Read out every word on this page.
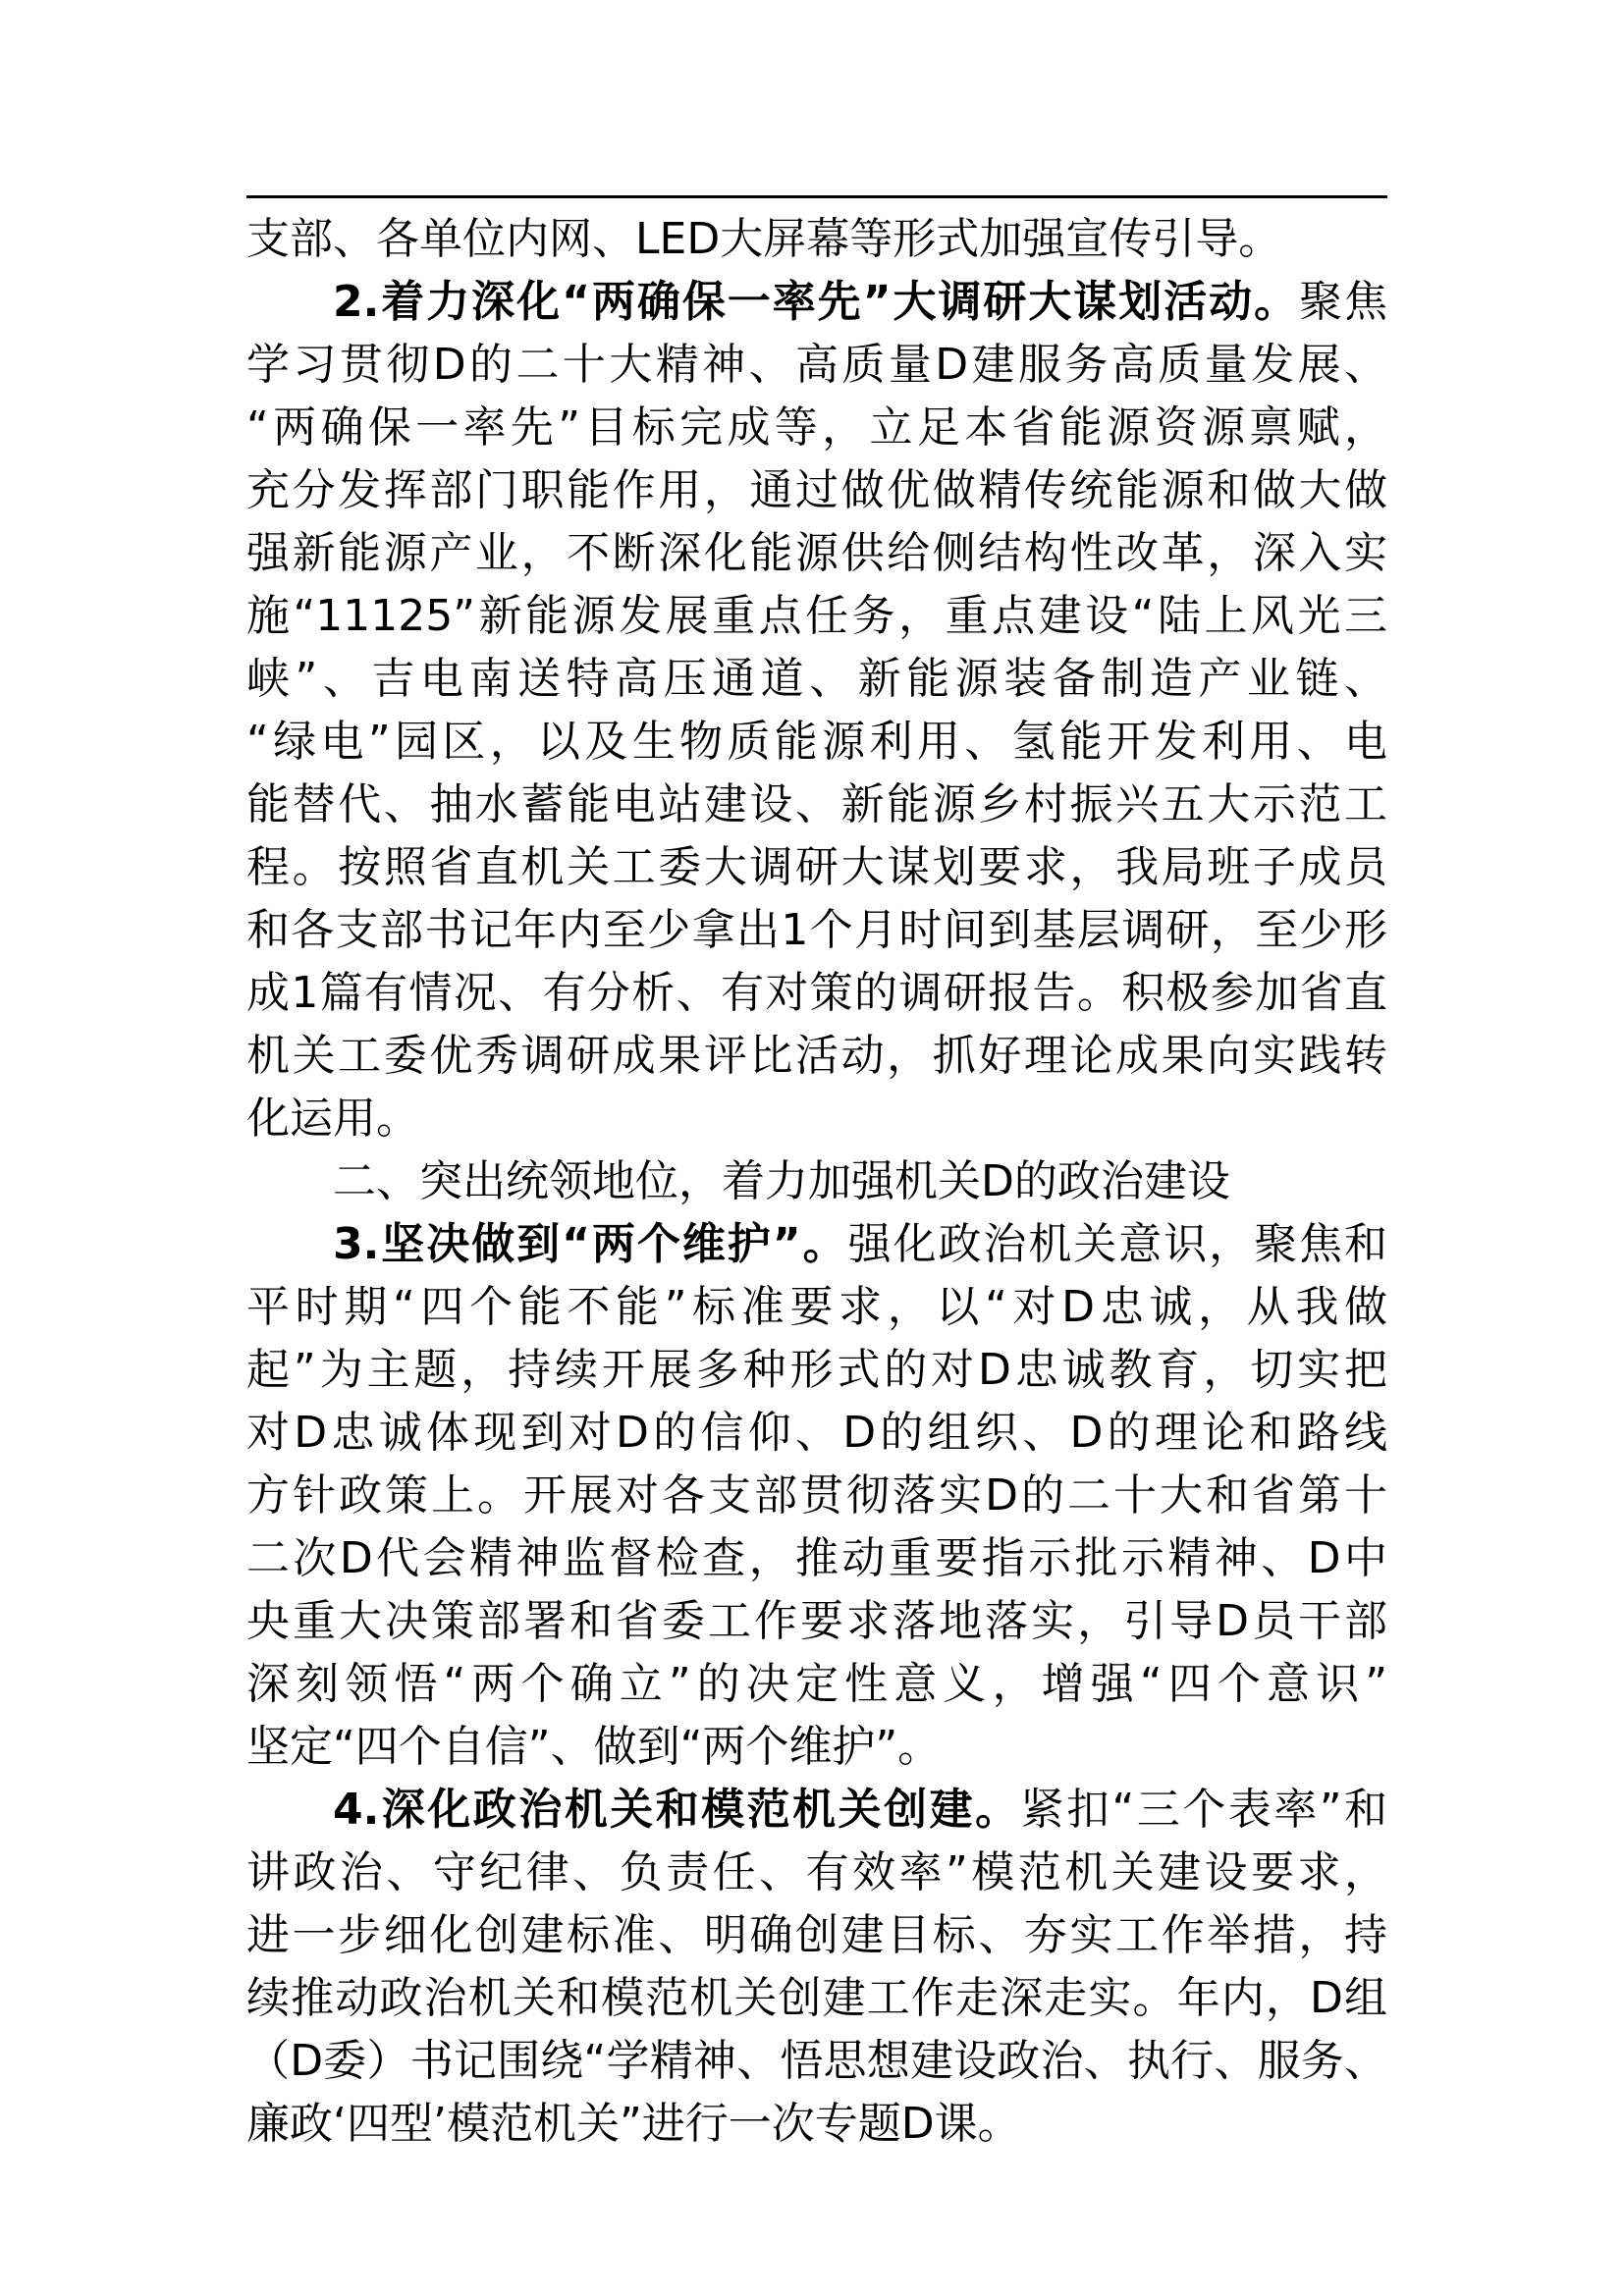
支部、各单位内网、LED大屏幕等形式加强宣传引导。
2.着力深化“两确保一率先”大调研大谋划活动。聚焦
学习贯彻D的二十大精神、高质量D建服务高质量发展、
“两确保一率先”目标完成等，立足本省能源资源禀赋，
充分发挥部门职能作用，通过做优做精传统能源和做大做
强新能源产业，不断深化能源供给侧结构性改革，深入实
施“11125”新能源发展重点任务，重点建设“陆上风光三
峡”、吉电南送特高压通道、新能源装备制造产业链、
“绿电”园区，以及生物质能源利用、氢能开发利用、电
能替代、抽水蓄能电站建设、新能源乡村振兴五大示范工
程。按照省直机关工委大调研大谋划要求，我局班子成员
和各支部书记年内至少拿出1个月时间到基层调研，至少形
成1篇有情况、有分析、有对策的调研报告。积极参加省直
机关工委优秀调研成果评比活动，抓好理论成果向实践转
化运用。
二、突出统领地位，着力加强机关D的政治建设
3.坚决做到“两个维护”。强化政治机关意识，聚焦和
平时期“四个能不能”标准要求，以“对D忠诚，从我做
起”为主题，持续开展多种形式的对D忠诚教育，切实把
对D忠诚体现到对D的信仰、D的组织、D的理论和路线
方针政策上。开展对各支部贯彻落实D的二十大和省第十
二次D代会精神监督检查，推动重要指示批示精神、D中
央重大决策部署和省委工作要求落地落实，引导D员干部
深刻领悟“两个确立”的决定性意义，增强“四个意识”
坚定“四个自信”、做到“两个维护”。
4.深化政治机关和模范机关创建。紧扣“三个表率”和
讲政治、守纪律、负责任、有效率”模范机关建设要求，
进一步细化创建标准、明确创建目标、夯实工作举措，持
续推动政治机关和模范机关创建工作走深走实。年内，D组
（D委）书记围绕“学精神、悟思想建设政治、执行、服务、
廉政‘四型’模范机关”进行一次专题D课。
